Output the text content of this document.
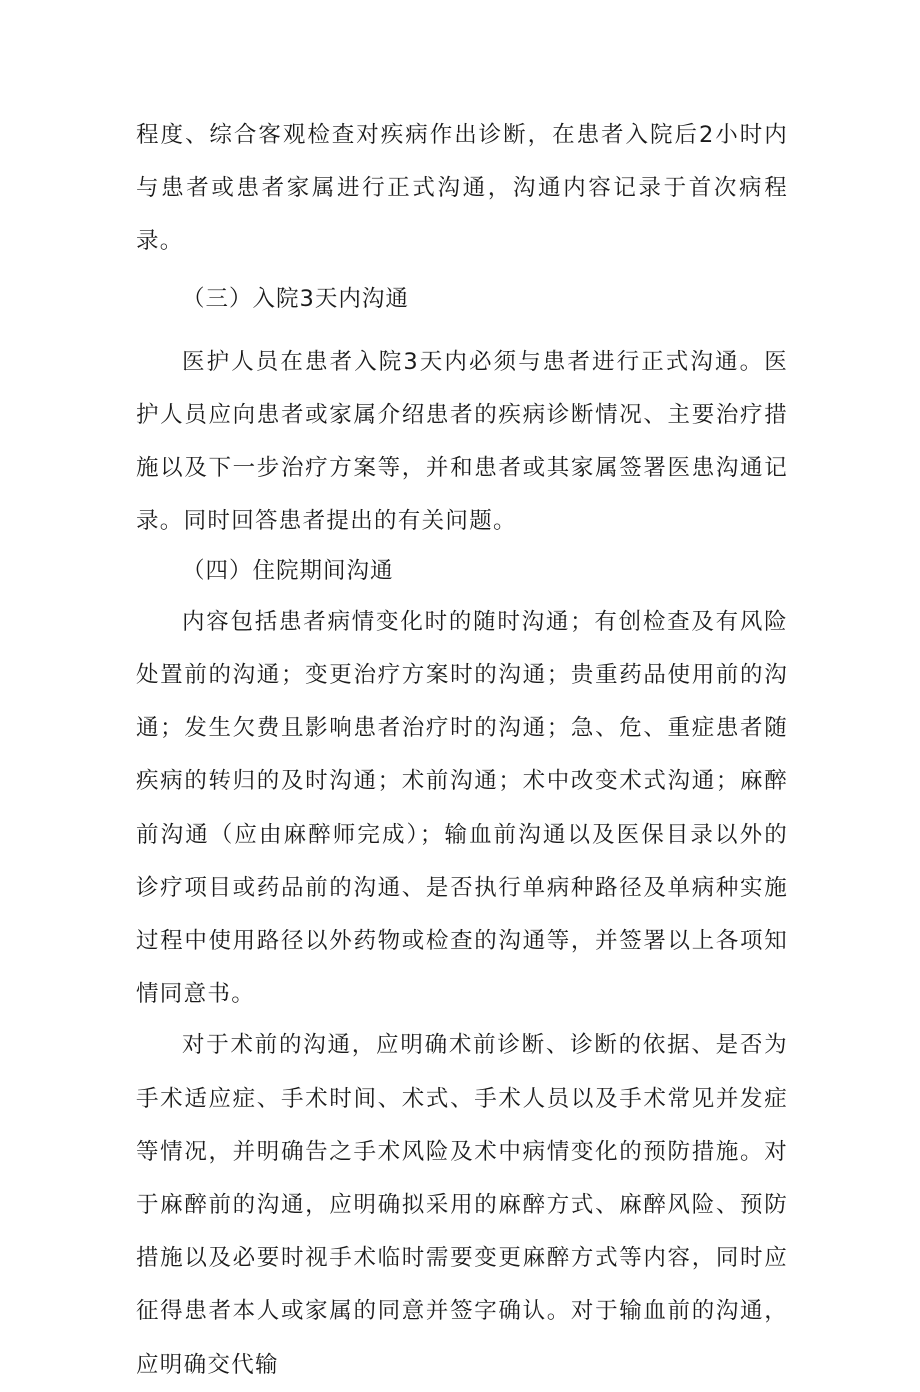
程度、综合客观检查对疾病作出诊断，在患者入院后2小时内与患者或患者家属进行正式沟通，沟通内容记录于首次病程录。

（三）入院3天内沟通

医护人员在患者入院3天内必须与患者进行正式沟通。医护人员应向患者或家属介绍患者的疾病诊断情况、主要治疗措施以及下一步治疗方案等，并和患者或其家属签署医患沟通记录。同时回答患者提出的有关问题。

（四）住院期间沟通

内容包括患者病情变化时的随时沟通；有创检查及有风险处置前的沟通；变更治疗方案时的沟通；贵重药品使用前的沟通；发生欠费且影响患者治疗时的沟通；急、危、重症患者随疾病的转归的及时沟通；术前沟通；术中改变术式沟通；麻醉前沟通（应由麻醉师完成）；输血前沟通以及医保目录以外的诊疗项目或药品前的沟通、是否执行单病种路径及单病种实施过程中使用路径以外药物或检查的沟通等，并签署以上各项知情同意书。

对于术前的沟通，应明确术前诊断、诊断的依据、是否为手术适应症、手术时间、术式、手术人员以及手术常见并发症等情况，并明确告之手术风险及术中病情变化的预防措施。对于麻醉前的沟通，应明确拟采用的麻醉方式、麻醉风险、预防措施以及必要时视手术临时需要变更麻醉方式等内容，同时应征得患者本人或家属的同意并签字确认。对于输血前的沟通，应明确交代输
